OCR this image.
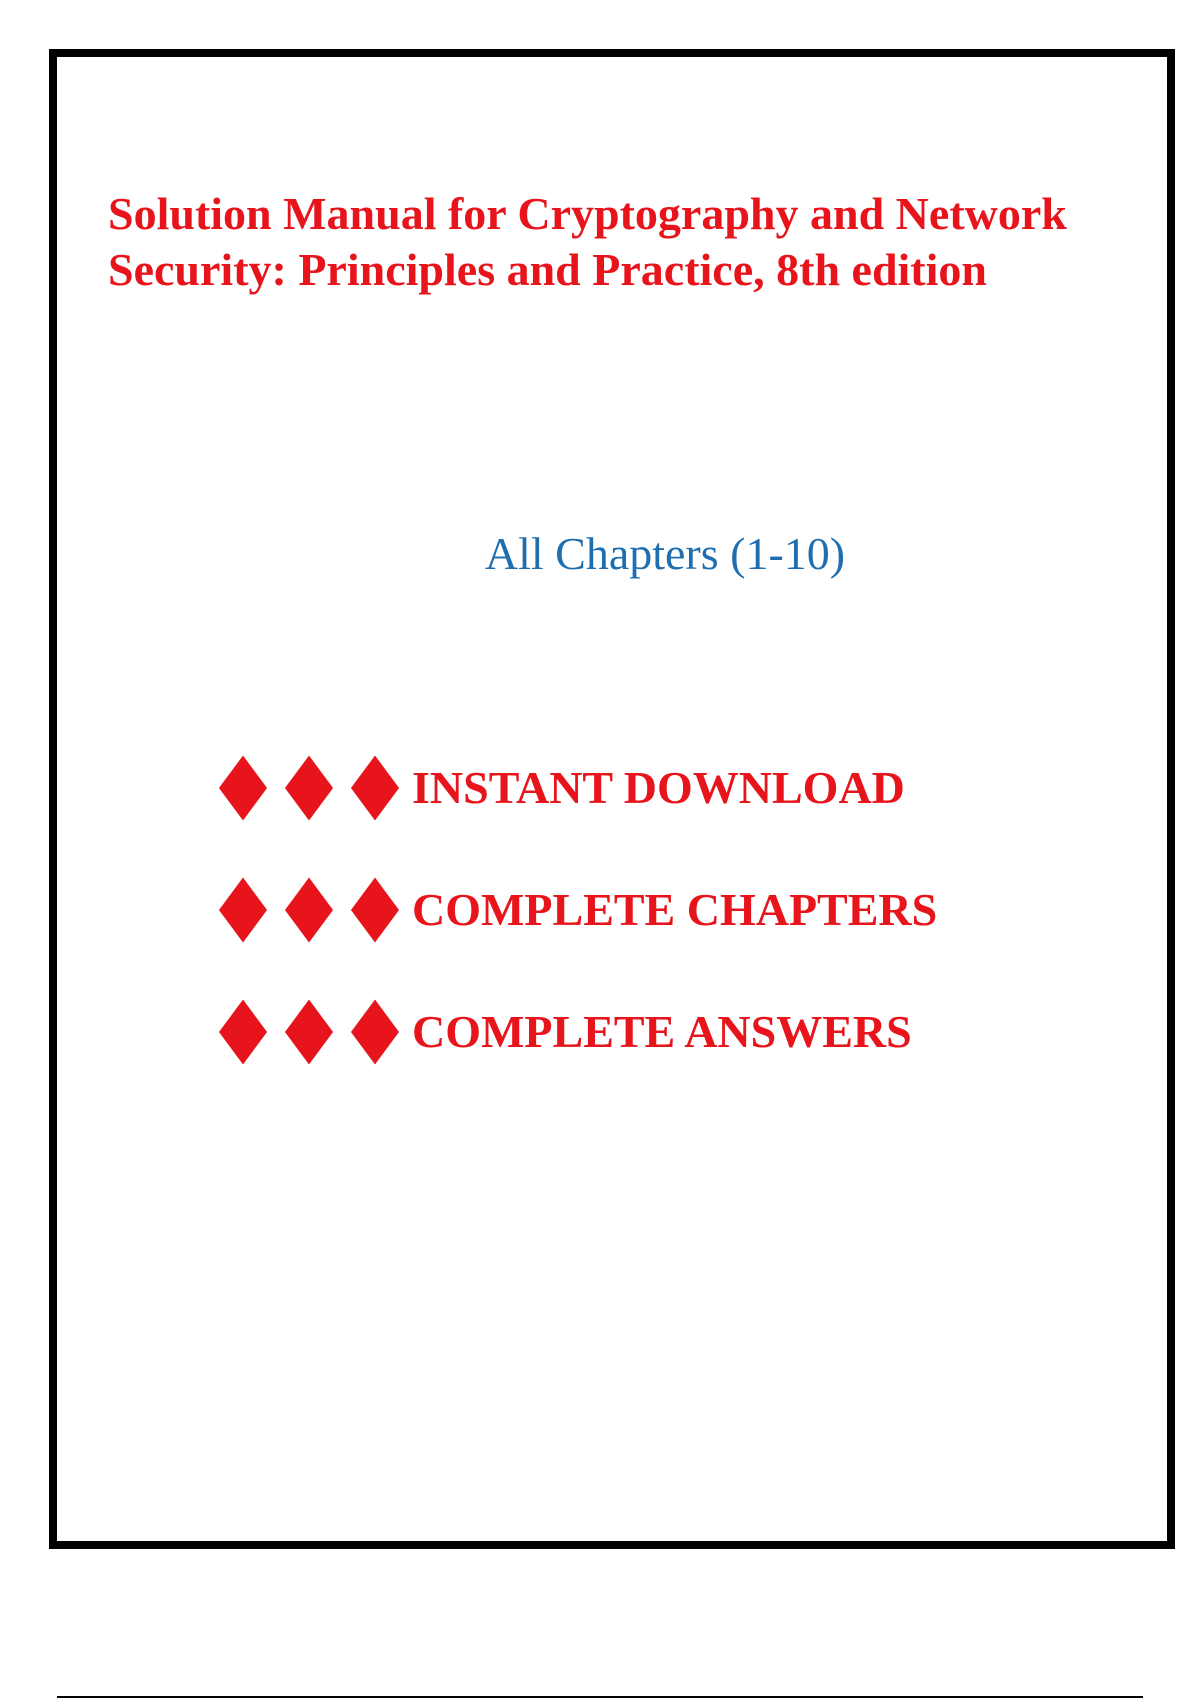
Solution Manual for Cryptography and Network
Security: Principles and Practice, 8th edition
All Chapters (1-10)
INSTANT DOWNLOAD
COMPLETE CHAPTERS
COMPLETE ANSWERS
